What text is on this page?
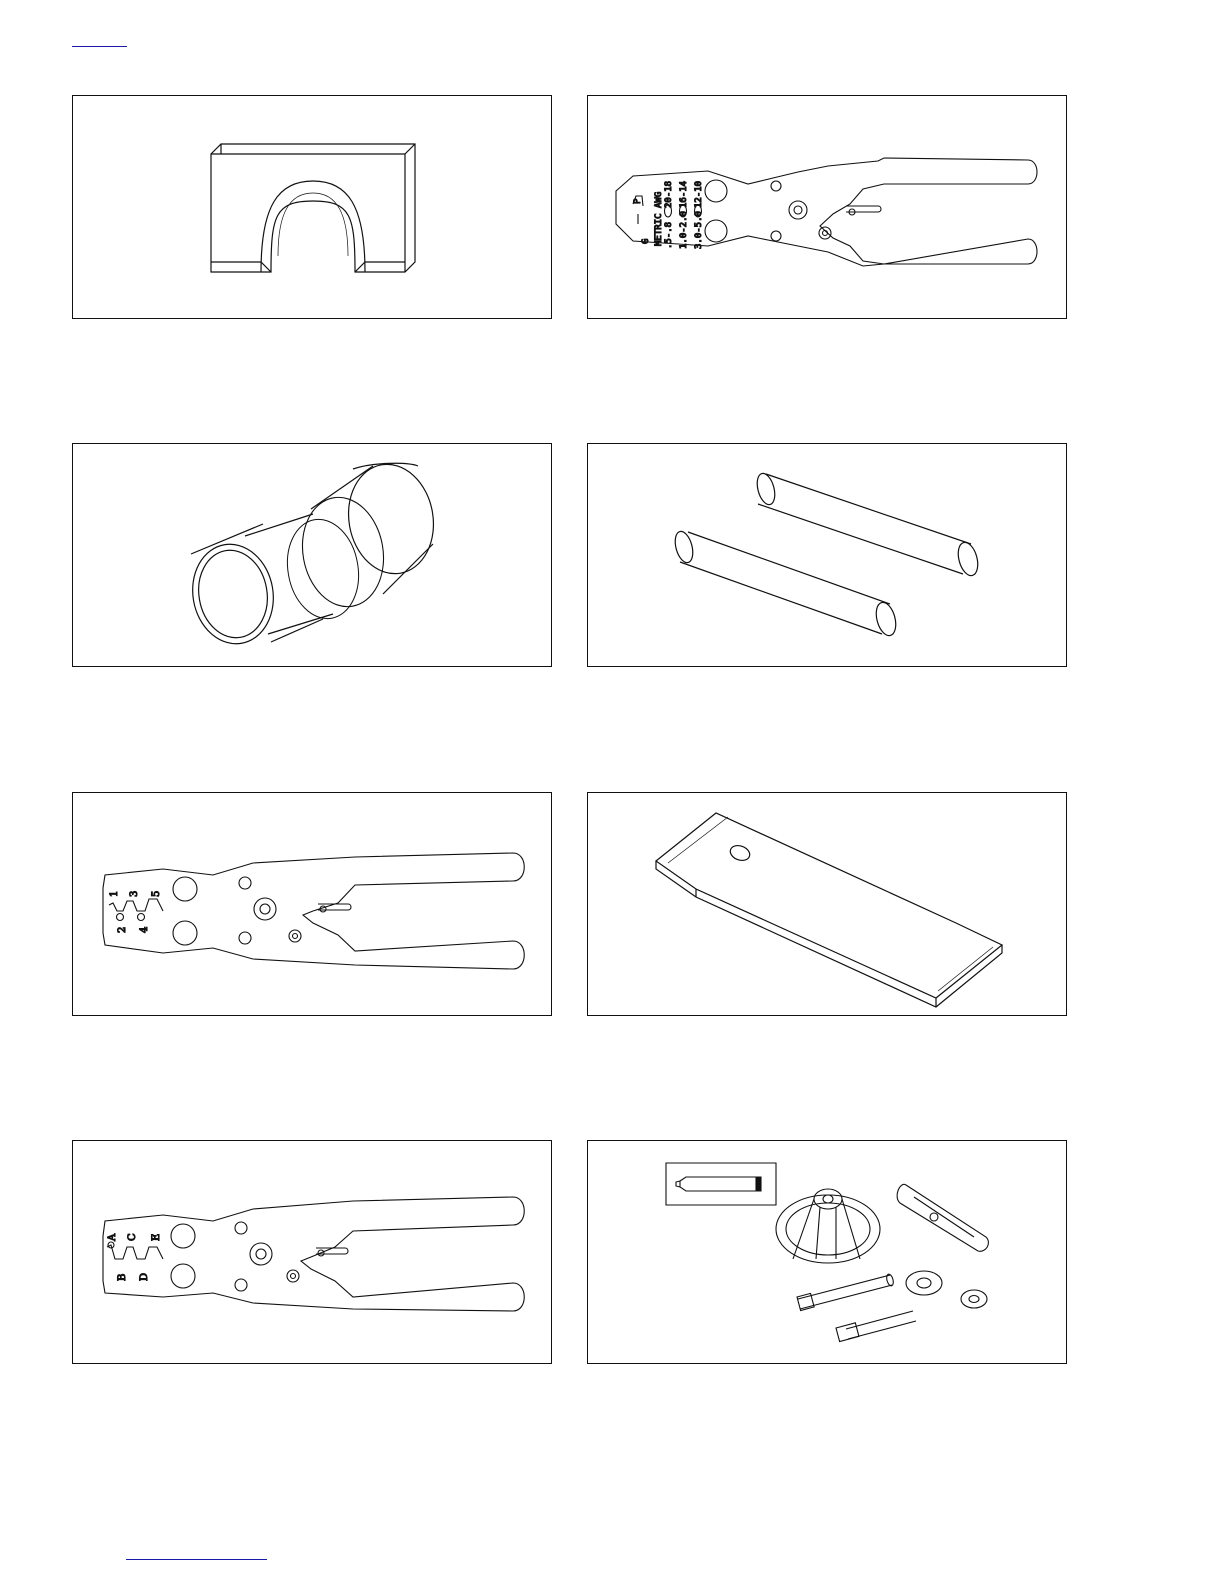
P
G
AWG
METRIC
20-18 16-14 12-10
.5-.8 1.0-2.0 3.0-5.0
1
2
3
4
5
A
B
C
D
E
